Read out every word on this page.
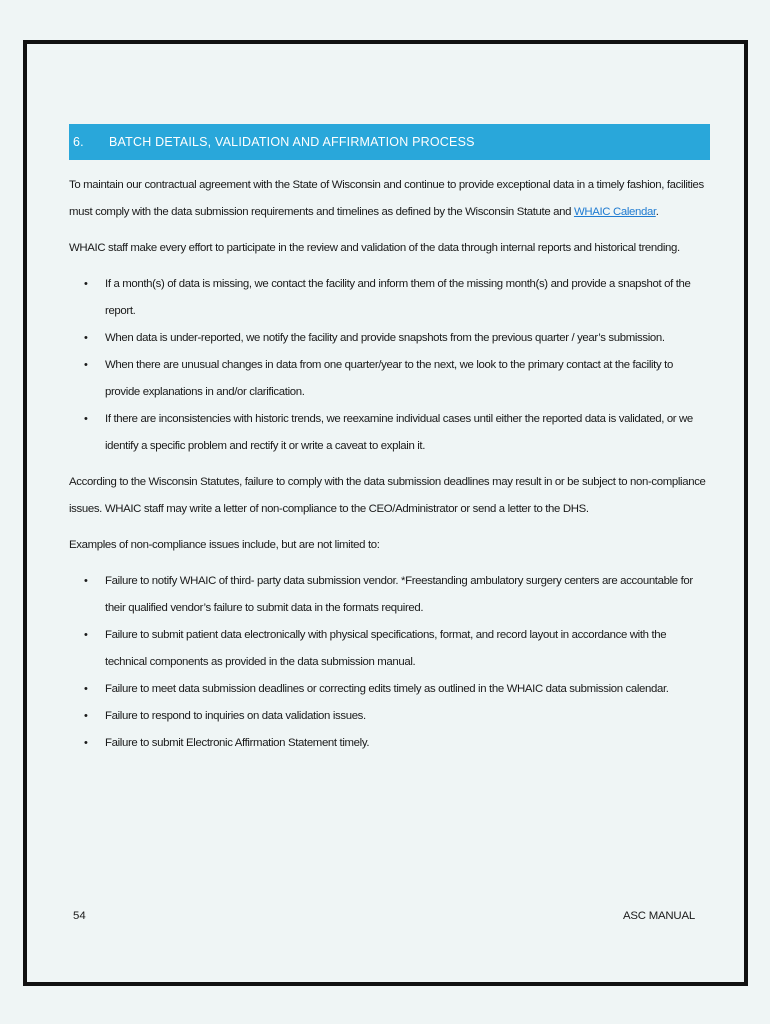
6.	BATCH DETAILS, VALIDATION AND AFFIRMATION PROCESS

To maintain our contractual agreement with the State of Wisconsin and continue to provide exceptional data in a timely fashion, facilities must comply with the data submission requirements and timelines as defined by the Wisconsin Statute and WHAIC Calendar.

WHAIC staff make every effort to participate in the review and validation of the data through internal reports and historical trending.

• If a month(s) of data is missing, we contact the facility and inform them of the missing month(s) and provide a snapshot of the report.
• When data is under-reported, we notify the facility and provide snapshots from the previous quarter / year’s submission.
• When there are unusual changes in data from one quarter/year to the next, we look to the primary contact at the facility to provide explanations in and/or clarification.
• If there are inconsistencies with historic trends, we reexamine individual cases until either the reported data is validated, or we identify a specific problem and rectify it or write a caveat to explain it.

According to the Wisconsin Statutes, failure to comply with the data submission deadlines may result in or be subject to non-compliance issues. WHAIC staff may write a letter of non-compliance to the CEO/Administrator or send a letter to the DHS.

Examples of non-compliance issues include, but are not limited to:

• Failure to notify WHAIC of third- party data submission vendor. *Freestanding ambulatory surgery centers are accountable for their qualified vendor’s failure to submit data in the formats required.
• Failure to submit patient data electronically with physical specifications, format, and record layout in accordance with the technical components as provided in the data submission manual.
• Failure to meet data submission deadlines or correcting edits timely as outlined in the WHAIC data submission calendar.
• Failure to respond to inquiries on data validation issues.
• Failure to submit Electronic Affirmation Statement timely.
54	ASC MANUAL
